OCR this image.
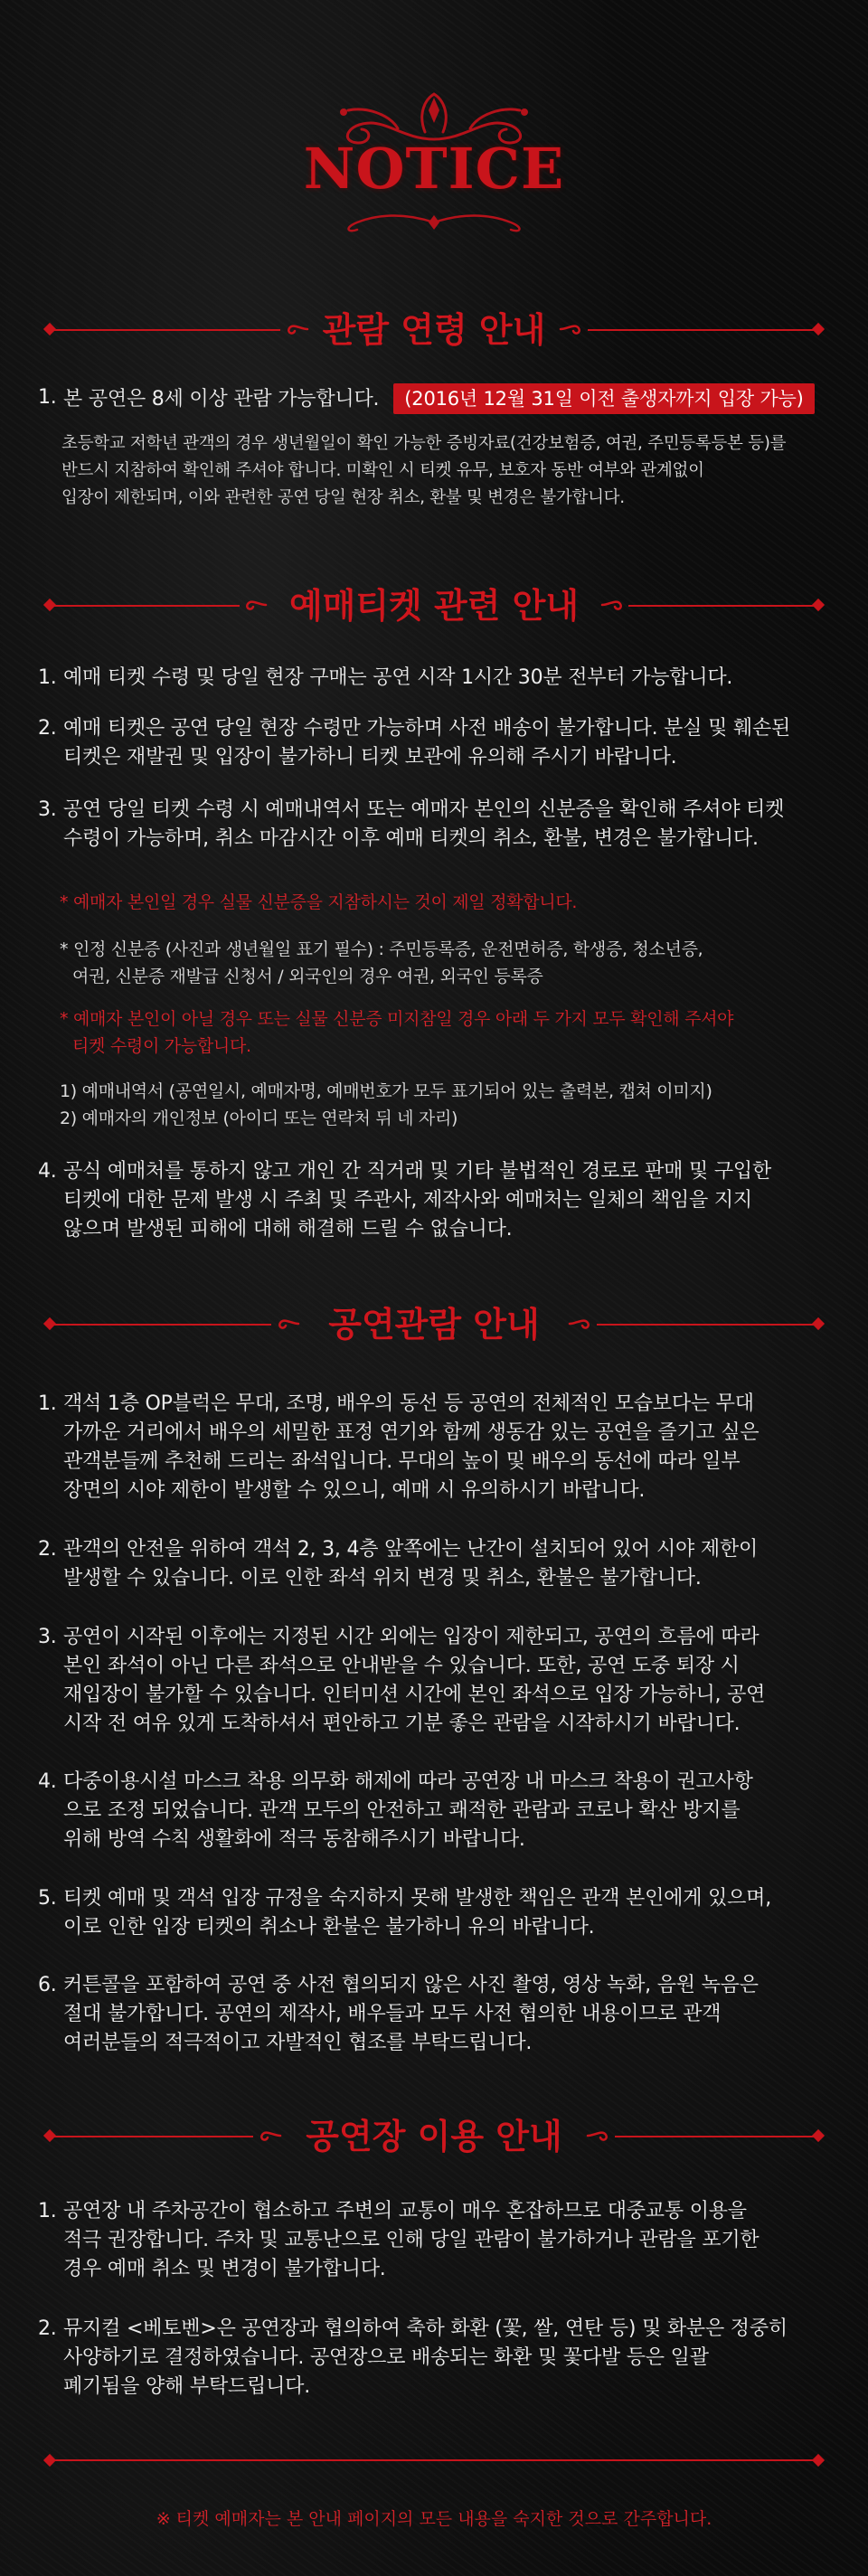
NOTICE
관람 연령 안내
1. 본 공연은 8세 이상 관람 가능합니다. (2016년 12월 31일 이전 출생자까지 입장 가능)
초등학교 저학년 관객의 경우 생년월일이 확인 가능한 증빙자료(건강보험증, 여권, 주민등록등본 등)를
반드시 지참하여 확인해 주셔야 합니다. 미확인 시 티켓 유무, 보호자 동반 여부와 관계없이
입장이 제한되며, 이와 관련한 공연 당일 현장 취소, 환불 및 변경은 불가합니다.
예매티켓 관련 안내
1. 예매 티켓 수령 및 당일 현장 구매는 공연 시작 1시간 30분 전부터 가능합니다.
2. 예매 티켓은 공연 당일 현장 수령만 가능하며 사전 배송이 불가합니다. 분실 및 훼손된
티켓은 재발권 및 입장이 불가하니 티켓 보관에 유의해 주시기 바랍니다.
3. 공연 당일 티켓 수령 시 예매내역서 또는 예매자 본인의 신분증을 확인해 주셔야 티켓
수령이 가능하며, 취소 마감시간 이후 예매 티켓의 취소, 환불, 변경은 불가합니다.
* 예매자 본인일 경우 실물 신분증을 지참하시는 것이 제일 정확합니다.
* 인정 신분증 (사진과 생년월일 표기 필수) : 주민등록증, 운전면허증, 학생증, 청소년증,
여권, 신분증 재발급 신청서 / 외국인의 경우 여권, 외국인 등록증
* 예매자 본인이 아닐 경우 또는 실물 신분증 미지참일 경우 아래 두 가지 모두 확인해 주셔야
티켓 수령이 가능합니다.
1) 예매내역서 (공연일시, 예매자명, 예매번호가 모두 표기되어 있는 출력본, 캡쳐 이미지)
2) 예매자의 개인정보 (아이디 또는 연락처 뒤 네 자리)
4. 공식 예매처를 통하지 않고 개인 간 직거래 및 기타 불법적인 경로로 판매 및 구입한
티켓에 대한 문제 발생 시 주최 및 주관사, 제작사와 예매처는 일체의 책임을 지지
않으며 발생된 피해에 대해 해결해 드릴 수 없습니다.
공연관람 안내
1. 객석 1층 OP블럭은 무대, 조명, 배우의 동선 등 공연의 전체적인 모습보다는 무대
가까운 거리에서 배우의 세밀한 표정 연기와 함께 생동감 있는 공연을 즐기고 싶은
관객분들께 추천해 드리는 좌석입니다. 무대의 높이 및 배우의 동선에 따라 일부
장면의 시야 제한이 발생할 수 있으니, 예매 시 유의하시기 바랍니다.
2. 관객의 안전을 위하여 객석 2, 3, 4층 앞쪽에는 난간이 설치되어 있어 시야 제한이
발생할 수 있습니다. 이로 인한 좌석 위치 변경 및 취소, 환불은 불가합니다.
3. 공연이 시작된 이후에는 지정된 시간 외에는 입장이 제한되고, 공연의 흐름에 따라
본인 좌석이 아닌 다른 좌석으로 안내받을 수 있습니다. 또한, 공연 도중 퇴장 시
재입장이 불가할 수 있습니다. 인터미션 시간에 본인 좌석으로 입장 가능하니, 공연
시작 전 여유 있게 도착하셔서 편안하고 기분 좋은 관람을 시작하시기 바랍니다.
4. 다중이용시설 마스크 착용 의무화 해제에 따라 공연장 내 마스크 착용이 권고사항
으로 조정 되었습니다. 관객 모두의 안전하고 쾌적한 관람과 코로나 확산 방지를
위해 방역 수칙 생활화에 적극 동참해주시기 바랍니다.
5. 티켓 예매 및 객석 입장 규정을 숙지하지 못해 발생한 책임은 관객 본인에게 있으며,
이로 인한 입장 티켓의 취소나 환불은 불가하니 유의 바랍니다.
6. 커튼콜을 포함하여 공연 중 사전 협의되지 않은 사진 촬영, 영상 녹화, 음원 녹음은
절대 불가합니다. 공연의 제작사, 배우들과 모두 사전 협의한 내용이므로 관객
여러분들의 적극적이고 자발적인 협조를 부탁드립니다.
공연장 이용 안내
1. 공연장 내 주차공간이 협소하고 주변의 교통이 매우 혼잡하므로 대중교통 이용을
적극 권장합니다. 주차 및 교통난으로 인해 당일 관람이 불가하거나 관람을 포기한
경우 예매 취소 및 변경이 불가합니다.
2. 뮤지컬 <베토벤>은 공연장과 협의하여 축하 화환 (꽃, 쌀, 연탄 등) 및 화분은 정중히
사양하기로 결정하였습니다. 공연장으로 배송되는 화환 및 꽃다발 등은 일괄
폐기됨을 양해 부탁드립니다.
※ 티켓 예매자는 본 안내 페이지의 모든 내용을 숙지한 것으로 간주합니다.
